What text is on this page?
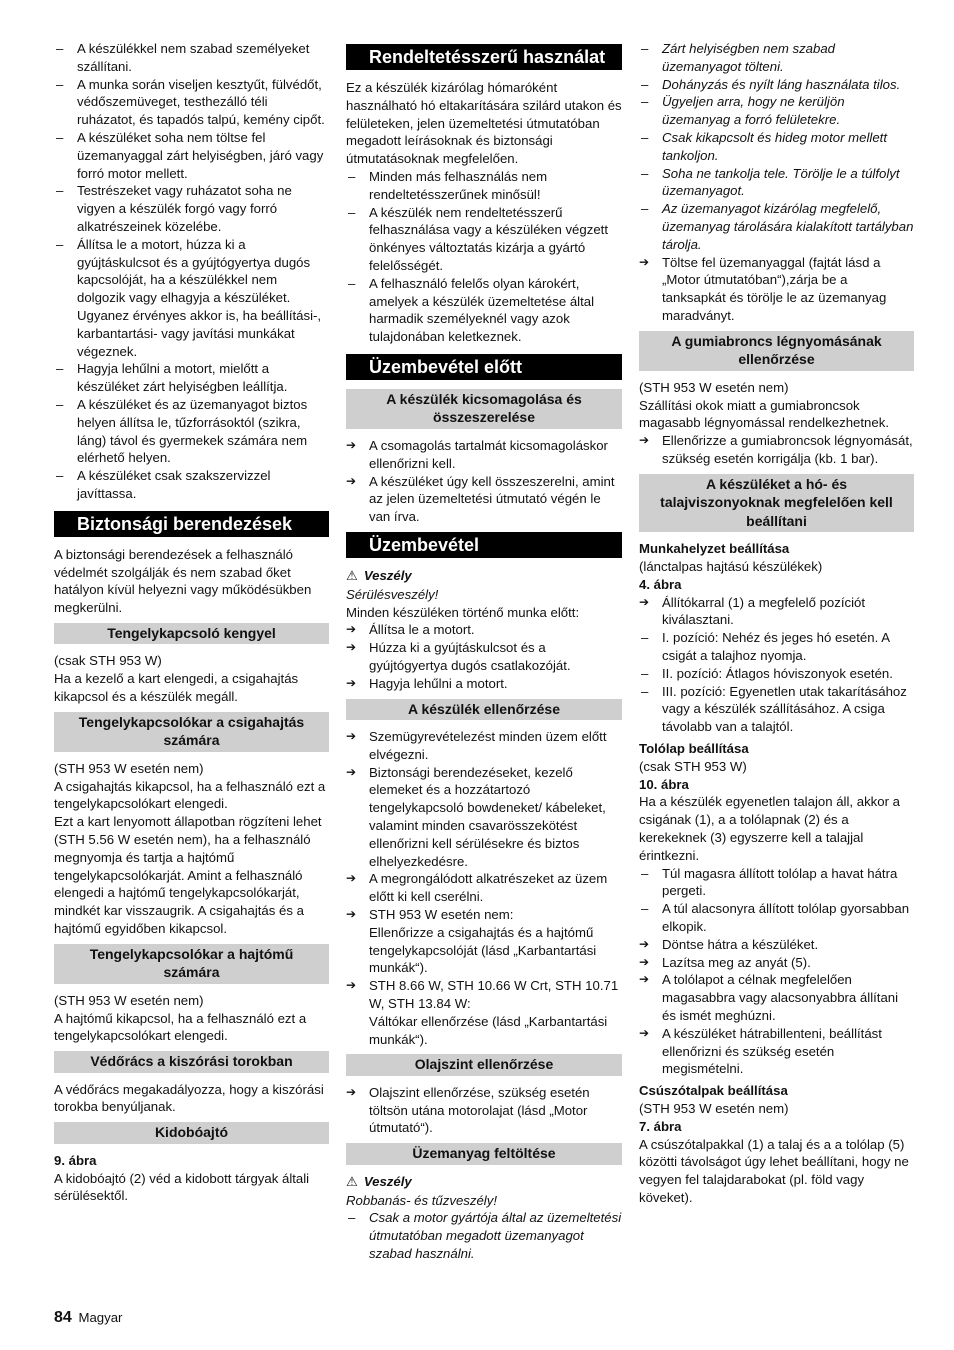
– A készülékkel nem szabad személyeket szállítani.

– A munka során viseljen kesztyűt, fülvédőt, védőszemüveget, testhezálló téli ruházatot, és tapadós talpú, kemény cipőt.

– A készüléket soha nem töltse fel üzemanyaggal zárt helyiségben, járó vagy forró motor mellett.

– Testrészeket vagy ruházatot soha ne vigyen a készülék forgó vagy forró alkatrészeinek közelébe.

– Állítsa le a motort, húzza ki a gyújtáskulcsot és a gyújtógyertya dugós kapcsolóját, ha a készülékkel nem dolgozik vagy elhagyja a készüléket. Ugyanez érvényes akkor is, ha beállítási-, karbantartási- vagy javítási munkákat végeznek.

– Hagyja lehűlni a motort, mielőtt a készüléket zárt helyiségben leállítja.

– A készüléket és az üzemanyagot biztos helyen állítsa le, tűzforrásoktól (szikra, láng) távol és gyermekek számára nem elérhető helyen.

– A készüléket csak szakszervizzel javíttassa.

Biztonsági berendezések

A biztonsági berendezések a felhasználó védelmét szolgálják és nem szabad őket hatályon kívül helyezni vagy működésükben megkerülni.

Tengelykapcsoló kengyel

(csak STH 953 W)

Ha a kezelő a kart elengedi, a csigahajtás kikapcsol és a készülék megáll.

Tengelykapcsolókar a csigahajtás számára

(STH 953 W esetén nem)

A csigahajtás kikapcsol, ha a felhasználó ezt a tengelykapcsolókart elengedi.

Ezt a kart lenyomott állapotban rögzíteni lehet (STH 5.56 W esetén nem), ha a felhasználó megnyomja és tartja a hajtómű tengelykapcsolókarját. Amint a felhasználó elengedi a hajtómű tengelykapcsolókarját, mindkét kar visszaugrik. A csigahajtás és a hajtómű egyidőben kikapcsol.

Tengelykapcsolókar a hajtómű számára

(STH 953 W esetén nem)

A hajtómű kikapcsol, ha a felhasználó ezt a tengelykapcsolókart elengedi.

Védőrács a kiszórási torokban

A védőrács megakadályozza, hogy a kiszórási torokba benyúljanak.

Kidobóajtó

9. ábra

A kidobóajtó (2) véd a kidobott tárgyak általi sérülésektől.

Rendeltetésszerű használat

Ez a készülék kizárólag hómaróként használható hó eltakarítására szilárd utakon és felületeken, jelen üzemeltetési útmutatóban megadott leírásoknak és biztonsági útmutatásoknak megfelelően.

– Minden más felhasználás nem rendeltetésszerűnek minősül!

– A készülék nem rendeltetésszerű felhasználása vagy a készüléken végzett önkényes változtatás kizárja a gyártó felelősségét.

– A felhasználó felelős olyan károkért, amelyek a készülék üzemeltetése által harmadik személyeknél vagy azok tulajdonában keletkeznek.

Üzembevétel előtt
A készülék kicsomagolása és összeszerelése

➔ A csomagolás tartalmát kicsomagoláskor ellenőrizni kell.

➔ A készüléket úgy kell összeszerelni, amint az jelen üzemeltetési útmutató végén le van írva.

Üzembevétel

⚠ Veszély

Sérülésveszély!

Minden készüléken történő munka előtt:

➔ Állítsa le a motort.

➔ Húzza ki a gyújtáskulcsot és a gyújtógyertya dugós csatlakozóját.

➔ Hagyja lehűlni a motort.

A készülék ellenőrzése

➔ Szemügyrevételezést minden üzem előtt elvégezni.

➔ Biztonsági berendezéseket, kezelő elemeket és a hozzátartozó tengelykapcsoló bowdeneket/ kábeleket, valamint minden csavarösszekötést ellenőrizni kell sérülésekre és biztos elhelyezkedésre.

➔ A megrongálódott alkatrészeket az üzem előtt ki kell cserélni.

➔ STH 953 W esetén nem:
Ellenőrizze a csigahajtás és a hajtómű tengelykapcsolóját (lásd „Karbantartási munkák“).

➔ STH 8.66 W, STH 10.66 W Crt, STH 10.71 W, STH 13.84 W:
Váltókar ellenőrzése (lásd „Karbantartási munkák“).

Olajszint ellenőrzése

➔ Olajszint ellenőrzése, szükség esetén töltsön utána motorolajat (lásd „Motor útmutató“).

Üzemanyag feltöltése

⚠ Veszély

Robbanás- és tűzveszély!

– Csak a motor gyártója által az üzemeltetési útmutatóban megadott üzemanyagot szabad használni.

– Zárt helyiségben nem szabad üzemanyagot tölteni.

– Dohányzás és nyílt láng használata tilos.

– Ügyeljen arra, hogy ne kerüljön üzemanyag a forró felületekre.

– Csak kikapcsolt és hideg motor mellett tankoljon.

– Soha ne tankolja tele. Törölje le a túlfolyt üzemanyagot.

– Az üzemanyagot kizárólag megfelelő, üzemanyag tárolására kialakított tartályban tárolja.

➔ Töltse fel üzemanyaggal (fajtát lásd a „Motor útmutatóban“),zárja be a tanksapkát és törölje le az üzemanyag maradványt.

A gumiabroncs légnyomásának ellenőrzése

(STH 953 W esetén nem)

Szállítási okok miatt a gumiabroncsok magasabb légnyomással rendelkezhetnek.

➔ Ellenőrizze a gumiabroncsok légnyomását, szükség esetén korrigálja (kb. 1 bar).

A készüléket a hó- és talajviszonyoknak megfelelően kell beállítani

Munkahelyzet beállítása

(lánctalpas hajtású készülékek)

4. ábra

➔ Állítókarral (1) a megfelelő pozíciót kiválasztani.

– I. pozíció: Nehéz és jeges hó esetén. A csigát a talajhoz nyomja.

– II. pozíció: Átlagos hóviszonyok esetén.

– III. pozíció: Egyenetlen utak takarításához vagy a készülék szállításához. A csiga távolabb van a talajtól.

Tolólap beállítása

(csak STH 953 W)

10. ábra

Ha a készülék egyenetlen talajon áll, akkor a csigának (1), a a tolólapnak (2) és a kerekeknek (3) egyszerre kell a talajjal érintkezni.

– Túl magasra állított tolólap a havat hátra pergeti.

– A túl alacsonyra állított tolólap gyorsabban elkopik.

➔ Döntse hátra a készüléket.

➔ Lazítsa meg az anyát (5).

➔ A tolólapot a célnak megfelelően magasabbra vagy alacsonyabbra állítani és ismét meghúzni.

➔ A készüléket hátrabillenteni, beállítást ellenőrizni és szükség esetén megismételni.

Csúszótalpak beállítása

(STH 953 W esetén nem)

7. ábra

A csúszótalpakkal (1) a talaj és a a tolólap (5) közötti távolságot úgy lehet beállítani, hogy ne vegyen fel talajdarabokat (pl. föld vagy köveket).

84 Magyar
